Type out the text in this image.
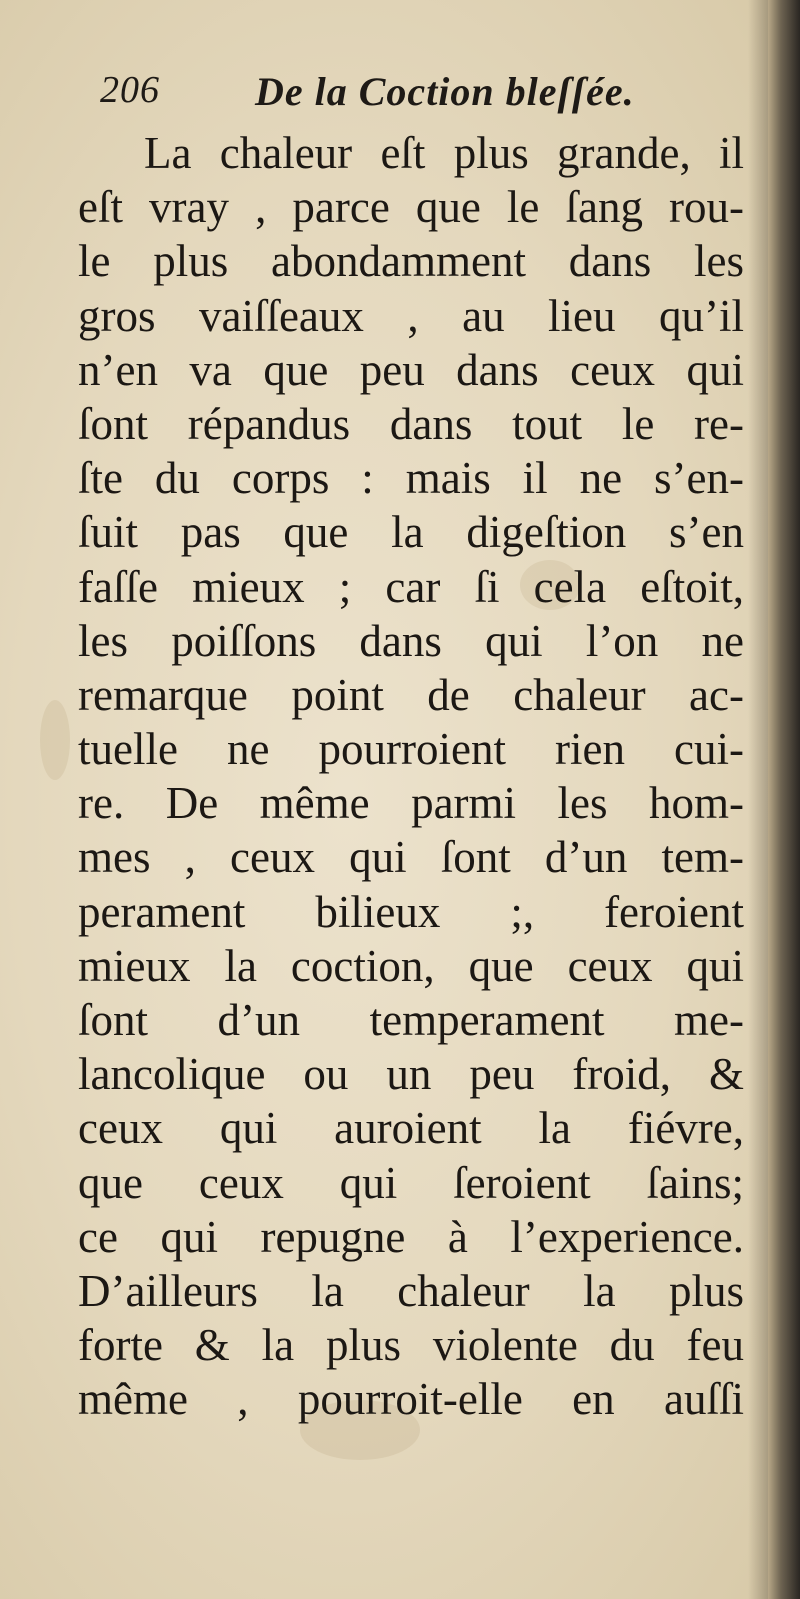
206 De la Coction bleſſée.
La chaleur eſt plus grande, il
eſt vray , parce que le ſang rou-
le plus abondamment dans les
gros vaiſſeaux , au lieu qu’il
n’en va que peu dans ceux qui
ſont répandus dans tout le re-
ſte du corps : mais il ne s’en-
ſuit pas que la digeſtion s’en
faſſe mieux ; car ſi cela eſtoit,
les poiſſons dans qui l’on ne
remarque point de chaleur ac-
tuelle ne pourroient rien cui-
re. De même parmi les hom-
mes , ceux qui ſont d’un tem-
perament bilieux ;, feroient
mieux la coction, que ceux qui
ſont d’un temperament me-
lancolique ou un peu froid, &
ceux qui auroient la fiévre,
que ceux qui ſeroient ſains;
ce qui repugne à l’experience.
D’ailleurs la chaleur la plus
forte & la plus violente du feu
même , pourroit-elle en auſſi
